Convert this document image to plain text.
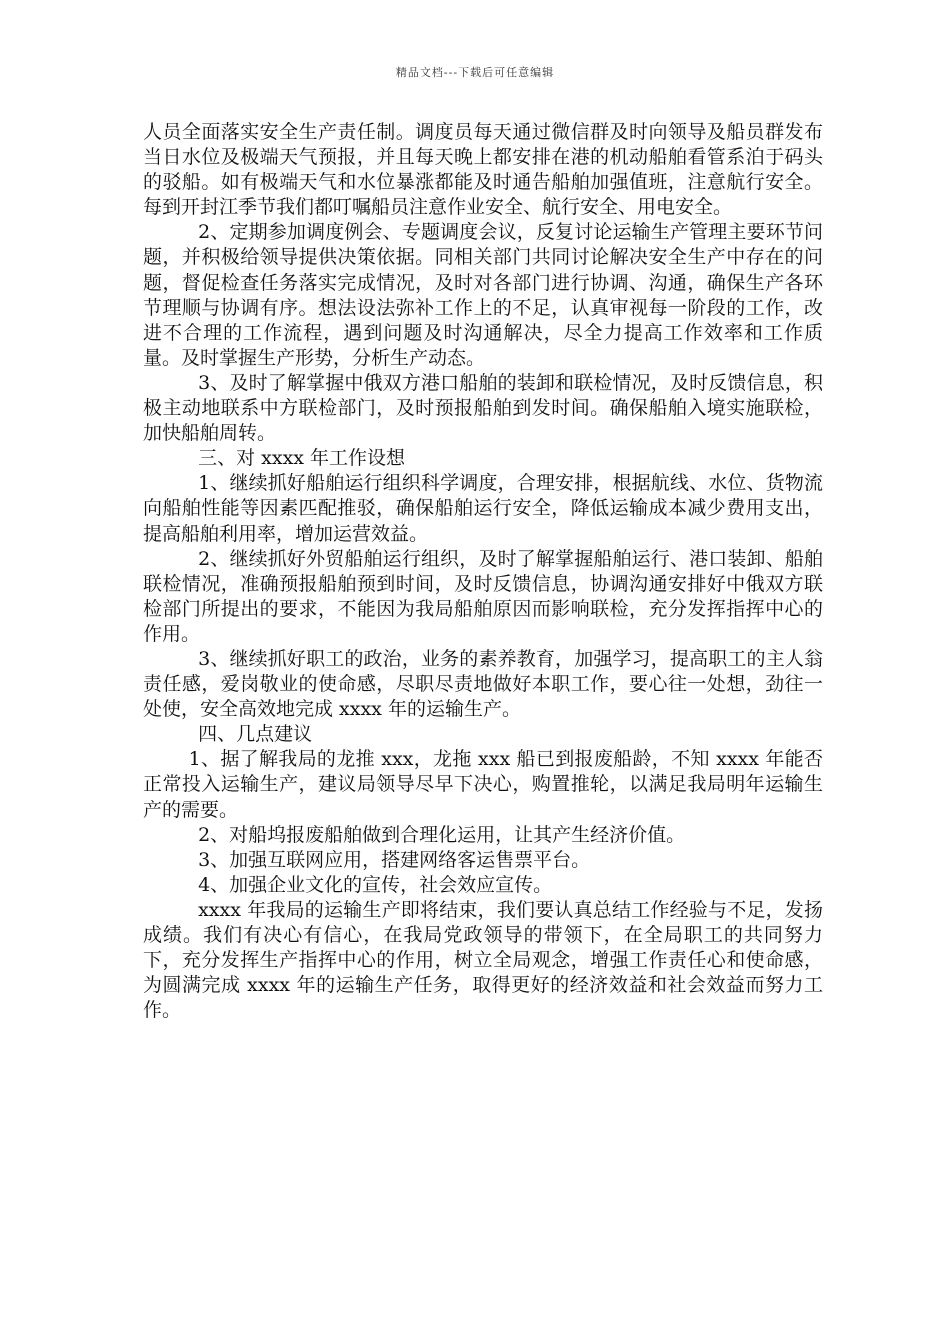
精品文档---下载后可任意编辑

人员全面落实安全生产责任制。调度员每天通过微信群及时向领导及船员群发布当日水位及极端天气预报，并且每天晚上都安排在港的机动船舶看管系泊于码头的驳船。如有极端天气和水位暴涨都能及时通告船舶加强值班，注意航行安全。每到开封江季节我们都叮嘱船员注意作业安全、航行安全、用电安全。

2、定期参加调度例会、专题调度会议，反复讨论运输生产管理主要环节问题，并积极给领导提供决策依据。同相关部门共同讨论解决安全生产中存在的问题，督促检查任务落实完成情况，及时对各部门进行协调、沟通，确保生产各环节理顺与协调有序。想法设法弥补工作上的不足，认真审视每一阶段的工作，改进不合理的工作流程，遇到问题及时沟通解决，尽全力提高工作效率和工作质量。及时掌握生产形势，分析生产动态。

3、及时了解掌握中俄双方港口船舶的装卸和联检情况，及时反馈信息，积极主动地联系中方联检部门，及时预报船舶到发时间。确保船舶入境实施联检，加快船舶周转。

三、对 xxxx 年工作设想

1、继续抓好船舶运行组织科学调度，合理安排，根据航线、水位、货物流向船舶性能等因素匹配推驳，确保船舶运行安全，降低运输成本减少费用支出，提高船舶利用率，增加运营效益。

2、继续抓好外贸船舶运行组织，及时了解掌握船舶运行、港口装卸、船舶联检情况，准确预报船舶预到时间，及时反馈信息，协调沟通安排好中俄双方联检部门所提出的要求，不能因为我局船舶原因而影响联检，充分发挥指挥中心的作用。

3、继续抓好职工的政治，业务的素养教育，加强学习，提高职工的主人翁责任感，爱岗敬业的使命感，尽职尽责地做好本职工作，要心往一处想，劲往一处使，安全高效地完成 xxxx 年的运输生产。

四、几点建议

1、据了解我局的龙推 xxx，龙拖 xxx 船已到报废船龄，不知 xxxx 年能否正常投入运输生产，建议局领导尽早下决心，购置推轮，以满足我局明年运输生产的需要。

2、对船坞报废船舶做到合理化运用，让其产生经济价值。

3、加强互联网应用，搭建网络客运售票平台。

4、加强企业文化的宣传，社会效应宣传。

xxxx 年我局的运输生产即将结束，我们要认真总结工作经验与不足，发扬成绩。我们有决心有信心，在我局党政领导的带领下，在全局职工的共同努力下，充分发挥生产指挥中心的作用，树立全局观念，增强工作责任心和使命感，为圆满完成 xxxx 年的运输生产任务，取得更好的经济效益和社会效益而努力工作。
